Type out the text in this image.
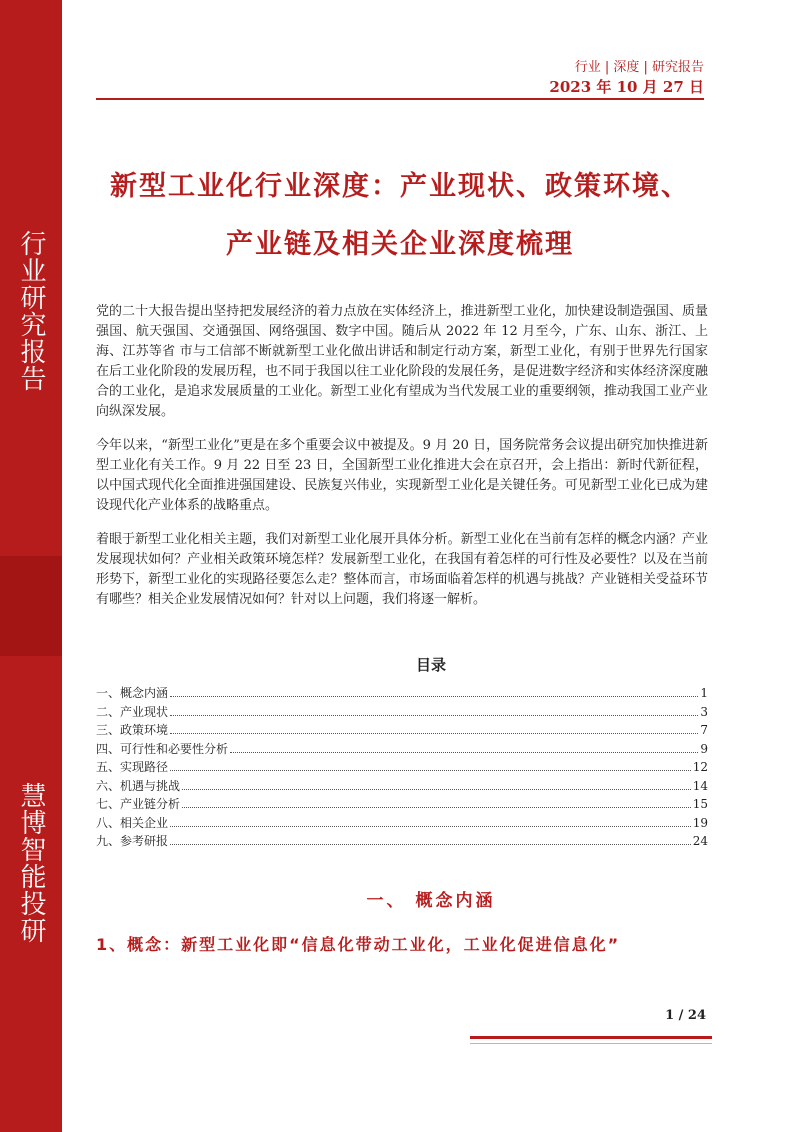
行业研究报告
慧博智能投研
行业 | 深度 | 研究报告
2023 年 10 月 27 日
新型工业化行业深度：产业现状、政策环境、
产业链及相关企业深度梳理
党的二十大报告提出坚持把发展经济的着力点放在实体经济上，推进新型工业化，加快建设制造强国、质量强国、航天强国、交通强国、网络强国、数字中国。随后从 2022 年 12 月至今，广东、山东、浙江、上海、江苏等省 市与工信部不断就新型工业化做出讲话和制定行动方案，新型工业化，有别于世界先行国家在后工业化阶段的发展历程，也不同于我国以往工业化阶段的发展任务，是促进数字经济和实体经济深度融合的工业化，是追求发展质量的工业化。新型工业化有望成为当代发展工业的重要纲领，推动我国工业产业向纵深发展。
今年以来，“新型工业化”更是在多个重要会议中被提及。9 月 20 日，国务院常务会议提出研究加快推进新型工业化有关工作。9 月 22 日至 23 日，全国新型工业化推进大会在京召开，会上指出：新时代新征程，以中国式现代化全面推进强国建设、民族复兴伟业，实现新型工业化是关键任务。可见新型工业化已成为建设现代化产业体系的战略重点。
着眼于新型工业化相关主题，我们对新型工业化展开具体分析。新型工业化在当前有怎样的概念内涵？产业发展现状如何？产业相关政策环境怎样？发展新型工业化，在我国有着怎样的可行性及必要性？以及在当前形势下，新型工业化的实现路径要怎么走？整体而言，市场面临着怎样的机遇与挑战？产业链相关受益环节有哪些？相关企业发展情况如何？针对以上问题，我们将逐一解析。
目录
一、概念内涵	1
二、产业现状	3
三、政策环境	7
四、可行性和必要性分析	9
五、实现路径	12
六、机遇与挑战	14
七、产业链分析	15
八、相关企业	19
九、参考研报	24
一、 概念内涵
1、概念：新型工业化即“信息化带动工业化，工业化促进信息化”
1 / 24
